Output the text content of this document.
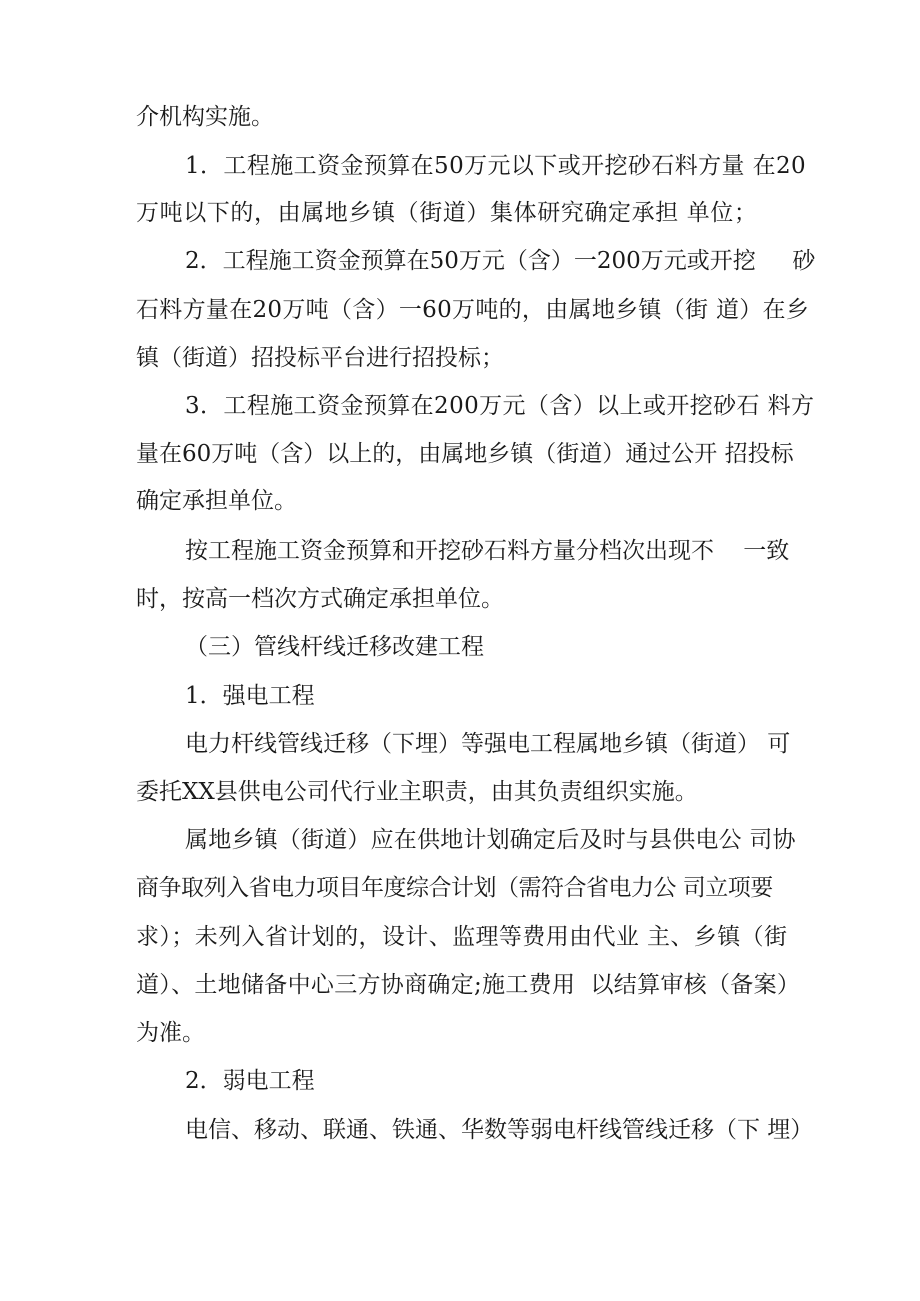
介机构实施。
1．工程施工资金预算在50万元以下或开挖砂石料方量 在20
万吨以下的，由属地乡镇（街道）集体研究确定承担 单位；
2．工程施工资金预算在50万元（含）一200万元或开挖     砂
石料方量在20万吨（含）一60万吨的，由属地乡镇（街 道）在乡
镇（街道）招投标平台进行招投标；
3．工程施工资金预算在200万元（含）以上或开挖砂石 料方
量在60万吨（含）以上的，由属地乡镇（街道）通过公开 招投标
确定承担单位。
按工程施工资金预算和开挖砂石料方量分档次出现不    一致
时，按高一档次方式确定承担单位。
（三）管线杆线迁移改建工程
1．强电工程
电力杆线管线迁移（下埋）等强电工程属地乡镇（街道） 可
委托XX县供电公司代行业主职责，由其负责组织实施。
属地乡镇（街道）应在供地计划确定后及时与县供电公 司协
商争取列入省电力项目年度综合计划（需符合省电力公 司立项要
求）；未列入省计划的，设计、监理等费用由代业 主、乡镇（街
道）、土地储备中心三方协商确定;施工费用  以结算审核（备案）
为准。
2．弱电工程
电信、移动、联通、铁通、华数等弱电杆线管线迁移（下 埋）
